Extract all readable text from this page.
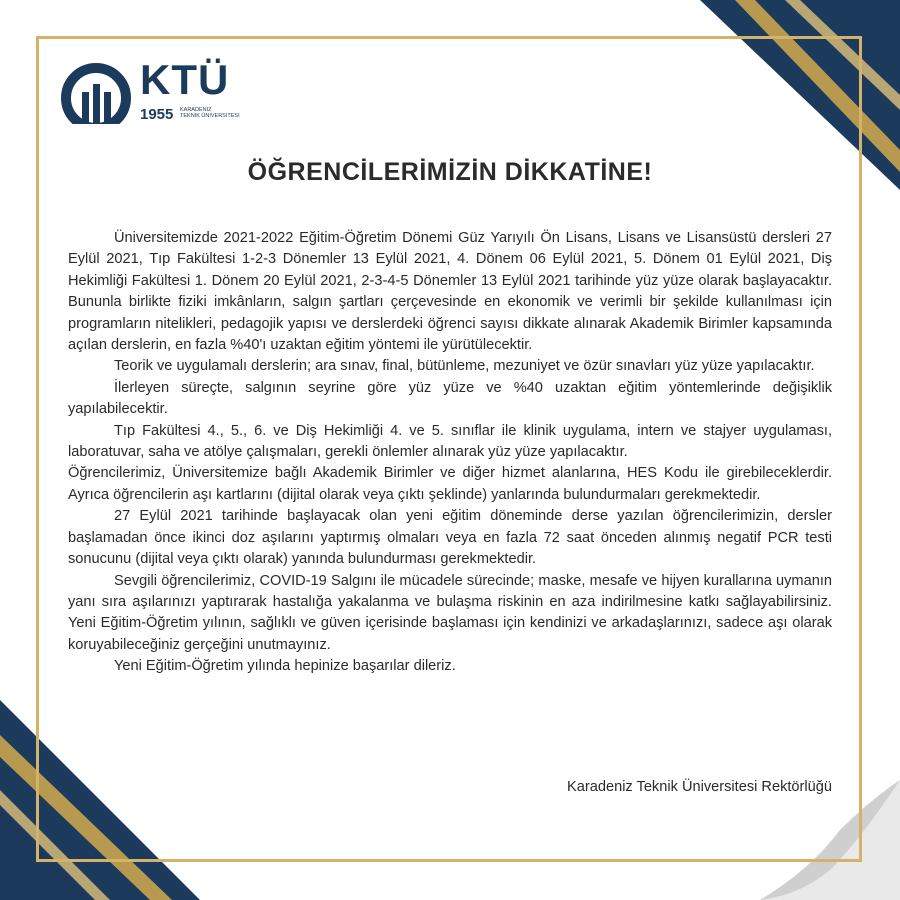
KTÜ
1955 KARADENIZ
TEKNIK ÜNIVERSITESI
ÖĞRENCİLERİMİZİN DİKKATİNE!

Üniversitemizde 2021-2022 Eğitim-Öğretim Dönemi Güz Yarıyılı Ön Lisans, Lisans ve Lisansüstü dersleri 27 Eylül 2021, Tıp Fakültesi 1-2-3 Dönemler 13 Eylül 2021, 4. Dönem 06 Eylül 2021, 5. Dönem 01 Eylül 2021, Diş Hekimliği Fakültesi 1. Dönem 20 Eylül 2021, 2-3-4-5 Dönemler 13 Eylül 2021 tarihinde yüz yüze olarak başlayacaktır. Bununla birlikte fiziki imkânların, salgın şartları çerçevesinde en ekonomik ve verimli bir şekilde kullanılması için programların nitelikleri, pedagojik yapısı ve derslerdeki öğrenci sayısı dikkate alınarak Akademik Birimler kapsamında açılan derslerin, en fazla %40'ı uzaktan eğitim yöntemi ile yürütülecektir.

Teorik ve uygulamalı derslerin; ara sınav, final, bütünleme, mezuniyet ve özür sınavları yüz yüze yapılacaktır.

İlerleyen süreçte, salgının seyrine göre yüz yüze ve %40 uzaktan eğitim yöntemlerinde değişiklik yapılabilecektir.

Tıp Fakültesi 4., 5., 6. ve Diş Hekimliği 4. ve 5. sınıflar ile klinik uygulama, intern ve stajyer uygulaması, laboratuvar, saha ve atölye çalışmaları, gerekli önlemler alınarak yüz yüze yapılacaktır.

Öğrencilerimiz, Üniversitemize bağlı Akademik Birimler ve diğer hizmet alanlarına, HES Kodu ile girebileceklerdir. Ayrıca öğrencilerin aşı kartlarını (dijital olarak veya çıktı şeklinde) yanlarında bulundurmaları gerekmektedir.

27 Eylül 2021 tarihinde başlayacak olan yeni eğitim döneminde derse yazılan öğrencilerimizin, dersler başlamadan önce ikinci doz aşılarını yaptırmış olmaları veya en fazla 72 saat önceden alınmış negatif PCR testi sonucunu (dijital veya çıktı olarak) yanında bulundurması gerekmektedir.

Sevgili öğrencilerimiz, COVID-19 Salgını ile mücadele sürecinde; maske, mesafe ve hijyen kurallarına uymanın yanı sıra aşılarınızı yaptırarak hastalığa yakalanma ve bulaşma riskinin en aza indirilmesine katkı sağlayabilirsiniz. Yeni Eğitim-Öğretim yılının, sağlıklı ve güven içerisinde başlaması için kendinizi ve arkadaşlarınızı, sadece aşı olarak koruyabileceğiniz gerçeğini unutmayınız.

Yeni Eğitim-Öğretim yılında hepinize başarılar dileriz.

Karadeniz Teknik Üniversitesi Rektörlüğü
